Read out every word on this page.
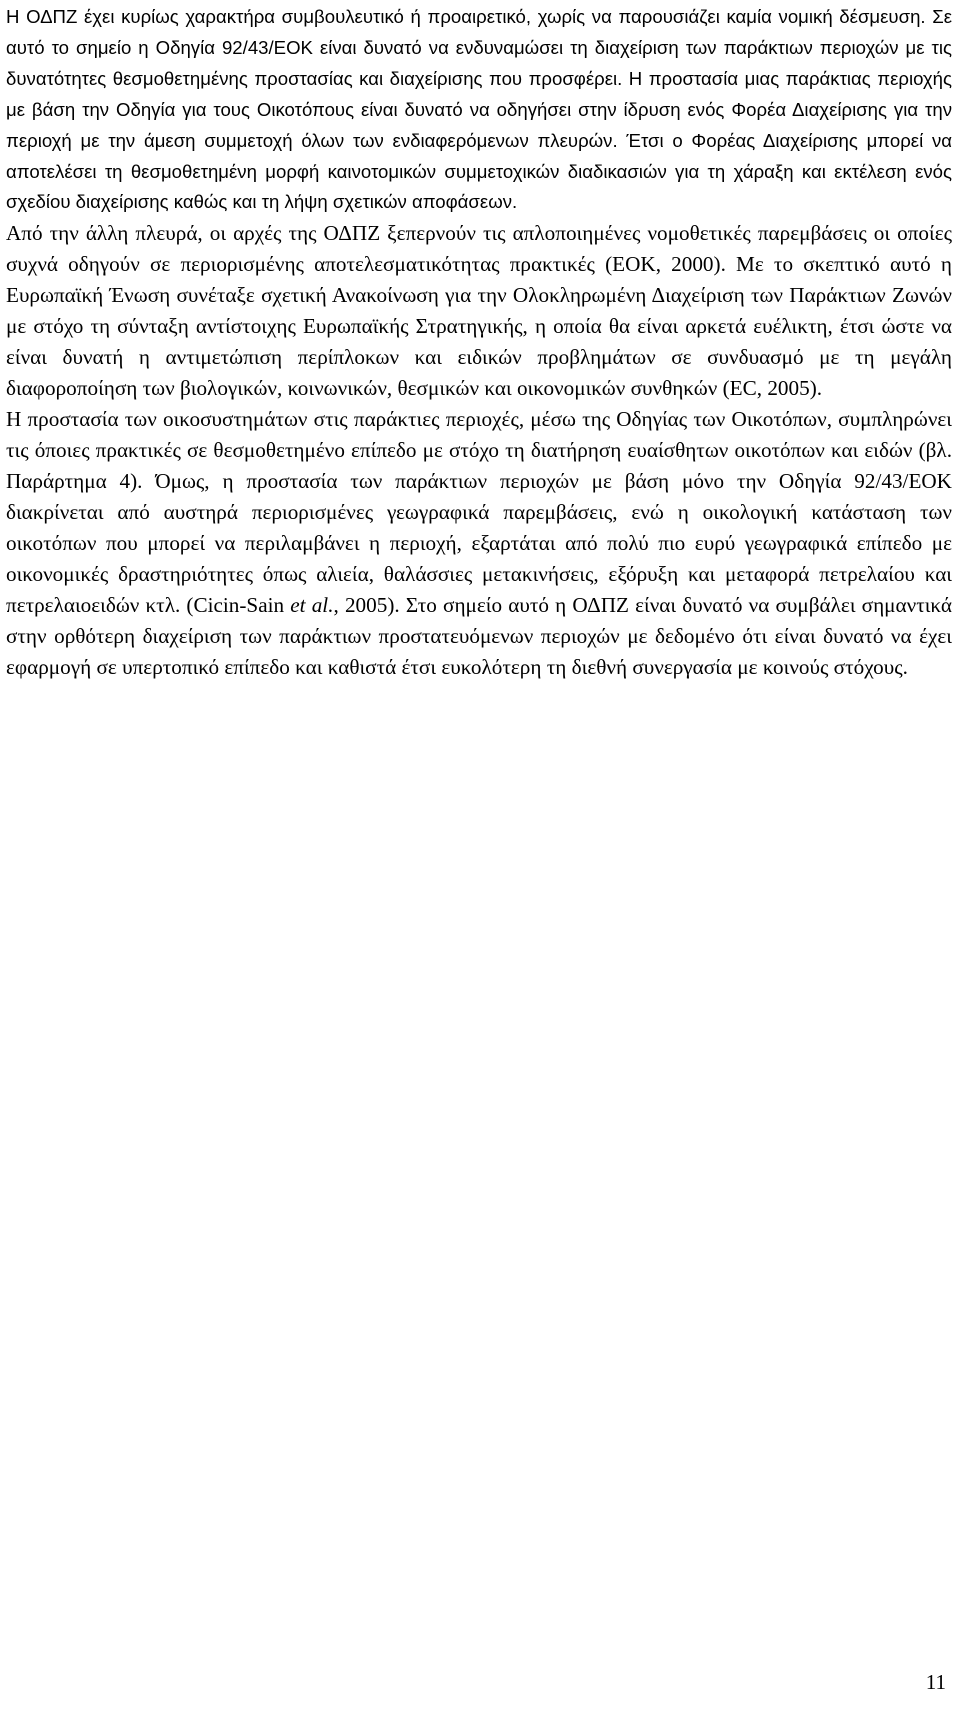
Η ΟΔΠΖ έχει κυρίως χαρακτήρα συμβουλευτικό ή προαιρετικό, χωρίς να παρουσιάζει καμία νομική δέσμευση. Σε αυτό το σημείο η Οδηγία 92/43/ΕΟΚ είναι δυνατό να ενδυναμώσει τη διαχείριση των παράκτιων περιοχών με τις δυνατότητες θεσμοθετημένης προστασίας και διαχείρισης που προσφέρει. Η προστασία μιας παράκτιας περιοχής με βάση την Οδηγία για τους Οικοτόπους είναι δυνατό να οδηγήσει στην ίδρυση ενός Φορέα Διαχείρισης για την περιοχή με την άμεση συμμετοχή όλων των ενδιαφερόμενων πλευρών. Έτσι ο Φορέας Διαχείρισης μπορεί να αποτελέσει τη θεσμοθετημένη μορφή καινοτομικών συμμετοχικών διαδικασιών για τη χάραξη και εκτέλεση ενός σχεδίου διαχείρισης καθώς και τη λήψη σχετικών αποφάσεων.

Από την άλλη πλευρά, οι αρχές της ΟΔΠΖ ξεπερνούν τις απλοποιημένες νομοθετικές παρεμβάσεις οι οποίες συχνά οδηγούν σε περιορισμένης αποτελεσματικότητας πρακτικές (ΕΟΚ, 2000). Με το σκεπτικό αυτό η Ευρωπαϊκή Ένωση συνέταξε σχετική Ανακοίνωση για την Ολοκληρωμένη Διαχείριση των Παράκτιων Ζωνών με στόχο τη σύνταξη αντίστοιχης Ευρωπαϊκής Στρατηγικής, η οποία θα είναι αρκετά ευέλικτη, έτσι ώστε να είναι δυνατή η αντιμετώπιση περίπλοκων και ειδικών προβλημάτων σε συνδυασμό με τη μεγάλη διαφοροποίηση των βιολογικών, κοινωνικών, θεσμικών και οικονομικών συνθηκών (EC, 2005).

Η προστασία των οικοσυστημάτων στις παράκτιες περιοχές, μέσω της Οδηγίας των Οικοτόπων, συμπληρώνει τις όποιες πρακτικές σε θεσμοθετημένο επίπεδο με στόχο τη διατήρηση ευαίσθητων οικοτόπων και ειδών (βλ. Παράρτημα 4). Όμως, η προστασία των παράκτιων περιοχών με βάση μόνο την Οδηγία 92/43/ΕΟΚ διακρίνεται από αυστηρά περιορισμένες γεωγραφικά παρεμβάσεις, ενώ η οικολογική κατάσταση των οικοτόπων που μπορεί να περιλαμβάνει η περιοχή, εξαρτάται από πολύ πιο ευρύ γεωγραφικά επίπεδο με οικονομικές δραστηριότητες όπως αλιεία, θαλάσσιες μετακινήσεις, εξόρυξη και μεταφορά πετρελαίου και πετρελαιοειδών κτλ. (Cicin-Sain et al., 2005). Στο σημείο αυτό η ΟΔΠΖ είναι δυνατό να συμβάλει σημαντικά στην ορθότερη διαχείριση των παράκτιων προστατευόμενων περιοχών με δεδομένο ότι είναι δυνατό να έχει εφαρμογή σε υπερτοπικό επίπεδο και καθιστά έτσι ευκολότερη τη διεθνή συνεργασία με κοινούς στόχους.

11
